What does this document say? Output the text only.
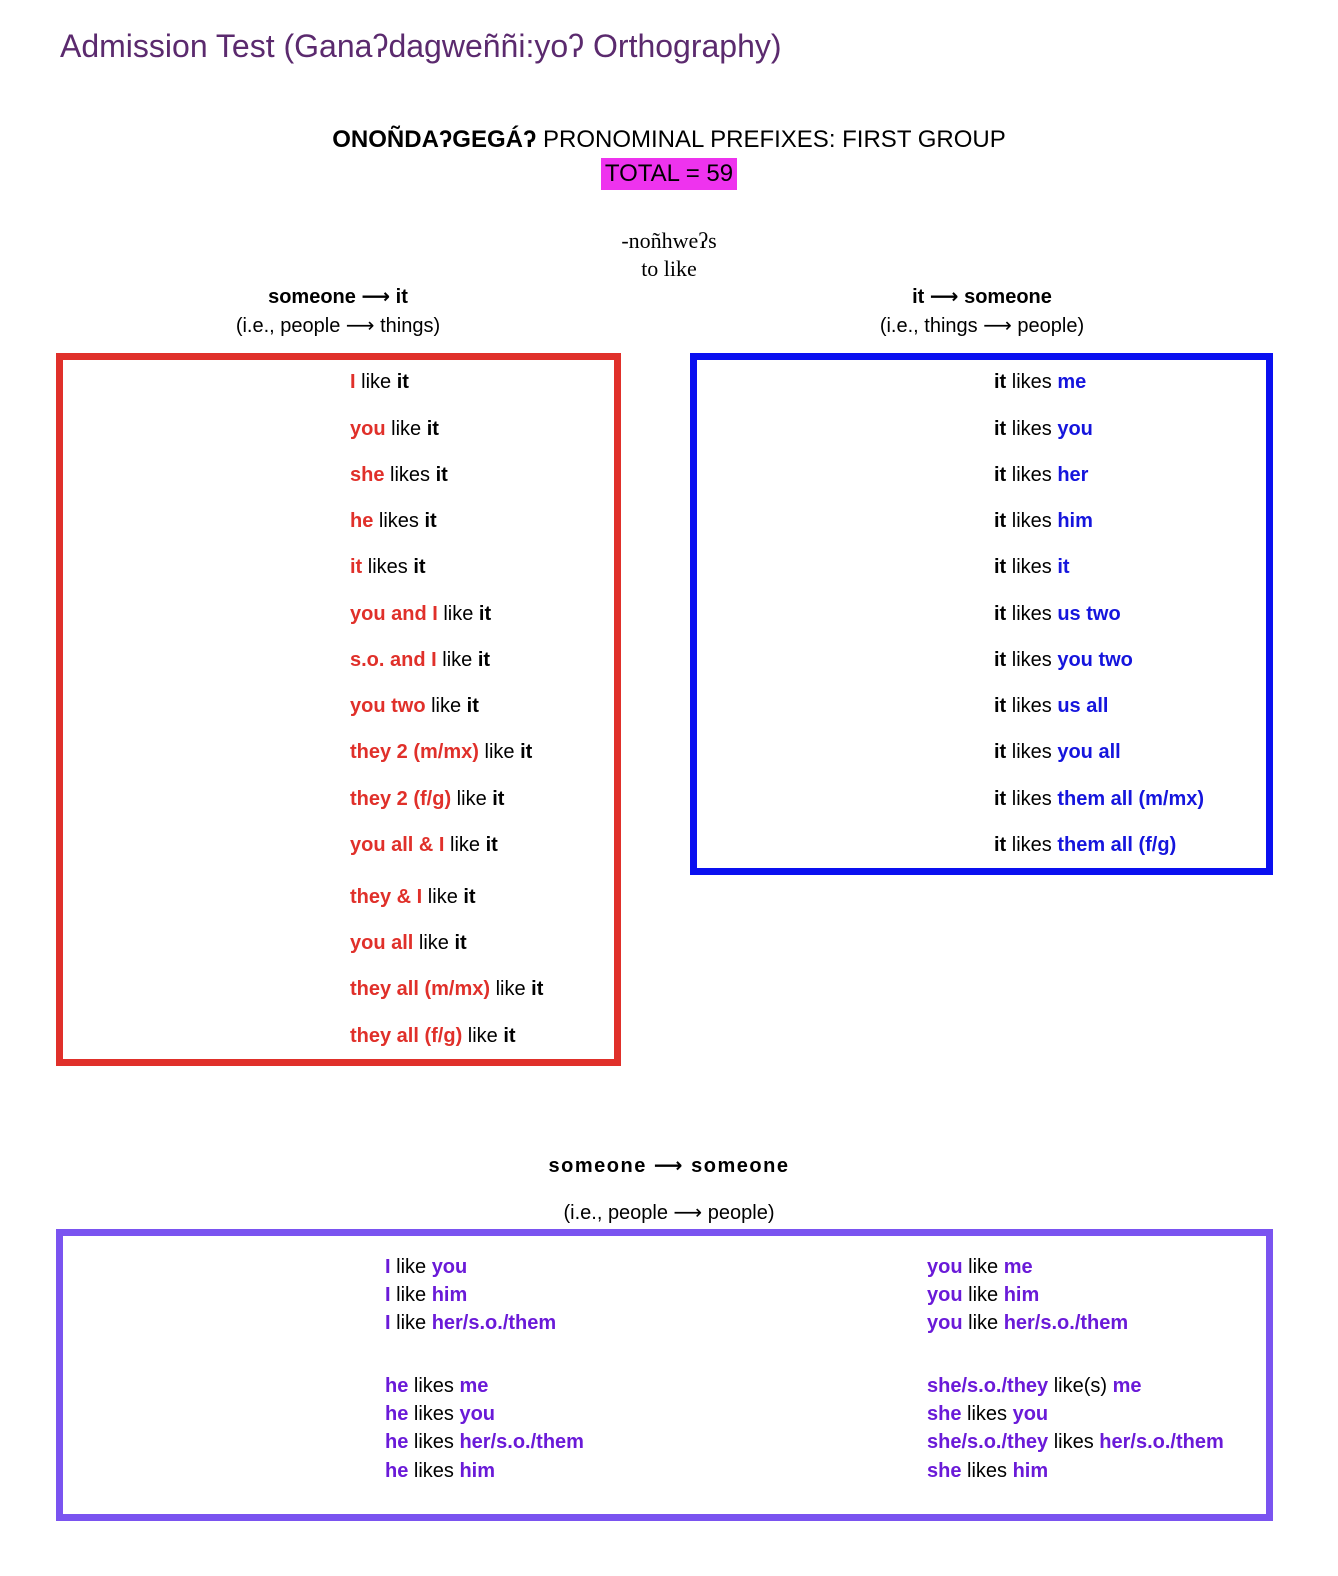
Admission Test (Ganaʔdagweññi:yoʔ Orthography)
ONOÑDAʔGEGÁʔ PRONOMINAL PREFIXES: FIRST GROUP
TOTAL = 59
-noñhweʔs
to like
someone ⟶ it
(i.e., people ⟶ things)
it ⟶ someone
(i.e., things ⟶ people)
someone ⟶ someone
(i.e., people ⟶ people)
I like it
you like it
she likes it
he likes it
it likes it
you and I like it
s.o. and I like it
you two like it
they 2 (m/mx) like it
they 2 (f/g) like it
you all & I like it
they & I like it
you all like it
they all (m/mx) like it
they all (f/g) like it
it likes me
it likes you
it likes her
it likes him
it likes it
it likes us two
it likes you two
it likes us all
it likes you all
it likes them all (m/mx)
it likes them all (f/g)
I like you
I like him
I like her/s.o./them
he likes me
he likes you
he likes her/s.o./them
he likes him
you like me
you like him
you like her/s.o./them
she/s.o./they like(s) me
she likes you
she/s.o./they likes her/s.o./them
she likes him
